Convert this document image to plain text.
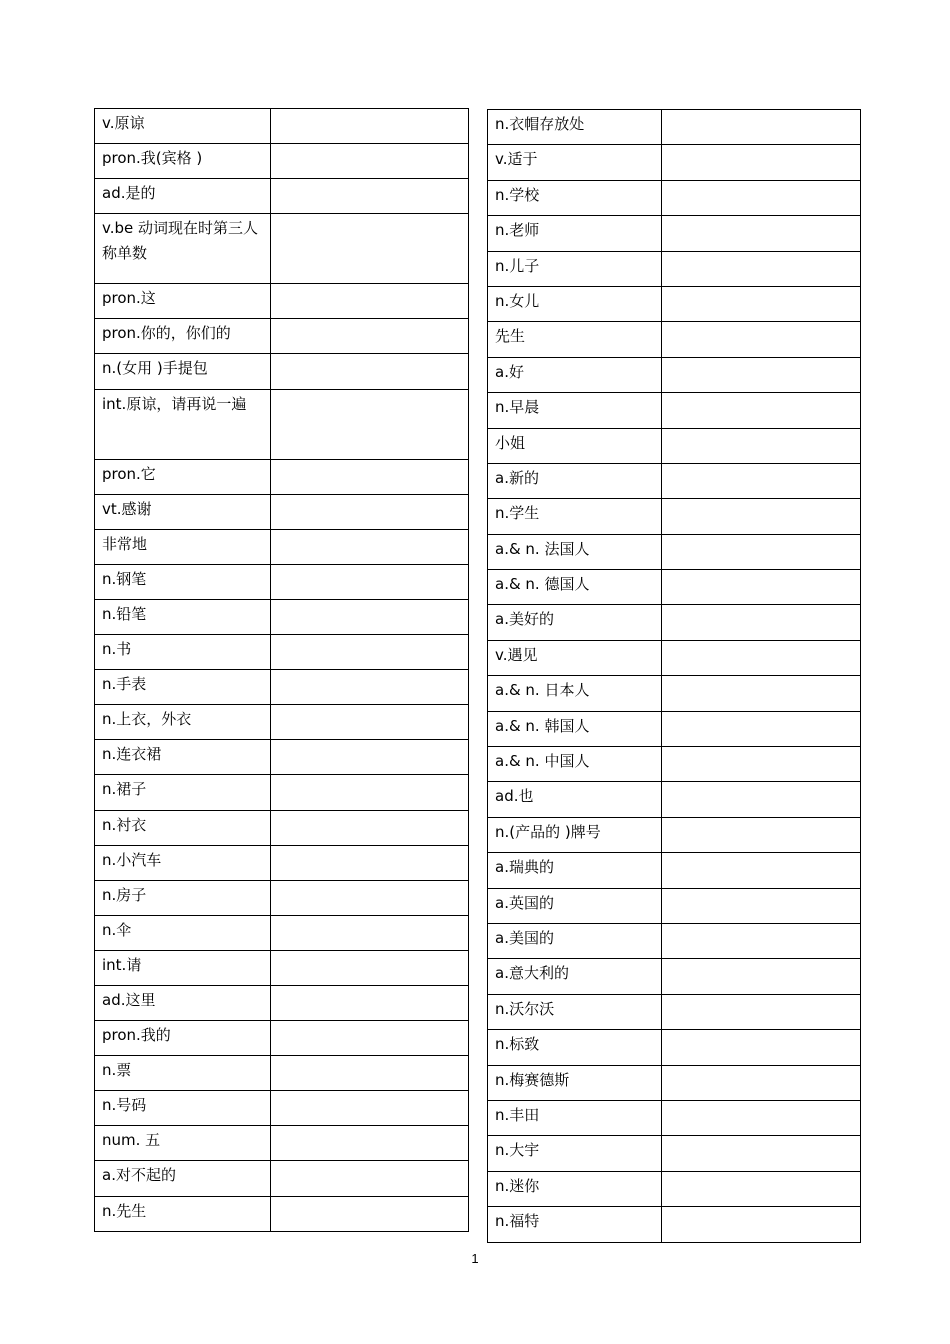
v.原谅	
pron.我(宾格 )	
ad.是的	
v.be 动词现在时第三人称单数	
pron.这	
pron.你的，你们的	
n.(女用 )手提包	
int.原谅，请再说一遍	
pron.它	
vt.感谢	
非常地	
n.钢笔	
n.铅笔	
n.书	
n.手表	
n.上衣，外衣	
n.连衣裙	
n.裙子	
n.衬衣	
n.小汽车	
n.房子	
n.伞	
int.请	
ad.这里	
pron.我的	
n.票	
n.号码	
num. 五	
a.对不起的	
n.先生	
n.衣帽存放处	
v.适于	
n.学校	
n.老师	
n.儿子	
n.女儿	
先生	
a.好	
n.早晨	
小姐	
a.新的	
n.学生	
a.& n. 法国人	
a.& n. 德国人	
a.美好的	
v.遇见	
a.& n. 日本人	
a.& n. 韩国人	
a.& n. 中国人	
ad.也	
n.(产品的 )牌号	
a.瑞典的	
a.英国的	
a.美国的	
a.意大利的	
n.沃尔沃	
n.标致	
n.梅赛德斯	
n.丰田	
n.大宇	
n.迷你	
n.福特	
1
